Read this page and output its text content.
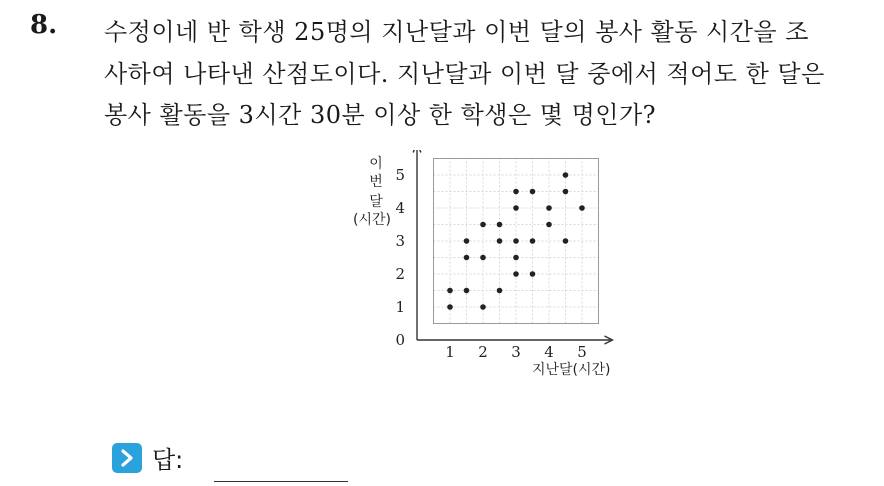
8. 수정이네 반 학생 25명의 지난달과 이번 달의 봉사 활동 시간을 조
사하여 나타낸 산점도이다. 지난달과 이번 달 중에서 적어도 한 달은
봉사 활동을 3시간 30분 이상 한 학생은 몇 명인가?
1 2 3 4 5
1
2
3
4
5
0
지난달(시간)
이
번
달
(시간)
답:
